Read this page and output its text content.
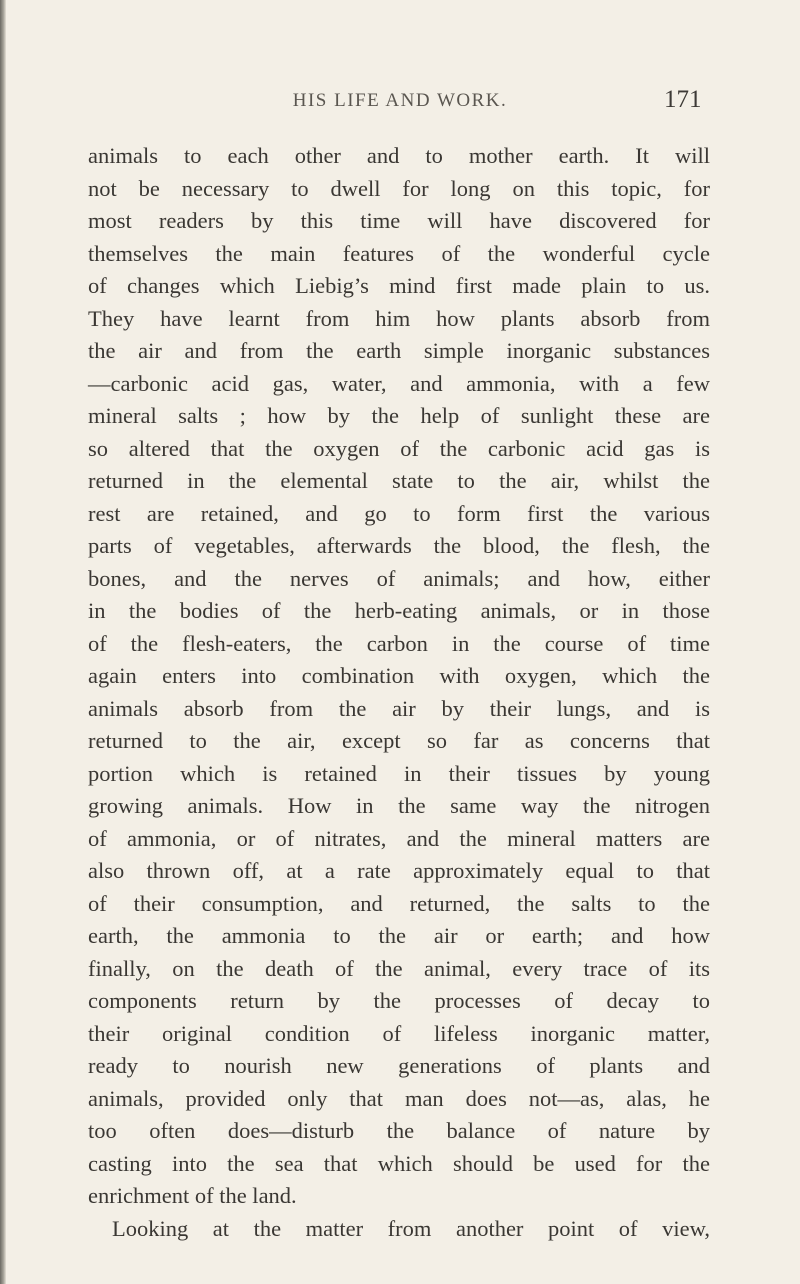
HIS LIFE AND WORK.	171
animals to each other and to mother earth. It will
not be necessary to dwell for long on this topic, for
most readers by this time will have discovered for
themselves the main features of the wonderful cycle
of changes which Liebig’s mind first made plain to us.
They have learnt from him how plants absorb from
the air and from the earth simple inorganic substances
—carbonic acid gas, water, and ammonia, with a few
mineral salts ; how by the help of sunlight these are
so altered that the oxygen of the carbonic acid gas is
returned in the elemental state to the air, whilst the
rest are retained, and go to form first the various
parts of vegetables, afterwards the blood, the flesh, the
bones, and the nerves of animals; and how, either
in the bodies of the herb-eating animals, or in those
of the flesh-eaters, the carbon in the course of time
again enters into combination with oxygen, which the
animals absorb from the air by their lungs, and is
returned to the air, except so far as concerns that
portion which is retained in their tissues by young
growing animals. How in the same way the nitrogen
of ammonia, or of nitrates, and the mineral matters are
also thrown off, at a rate approximately equal to that
of their consumption, and returned, the salts to the
earth, the ammonia to the air or earth; and how
finally, on the death of the animal, every trace of its
components return by the processes of decay to
their original condition of lifeless inorganic matter,
ready to nourish new generations of plants and
animals, provided only that man does not—as, alas, he
too often does—disturb the balance of nature by
casting into the sea that which should be used for the
enrichment of the land.
Looking at the matter from another point of view,
